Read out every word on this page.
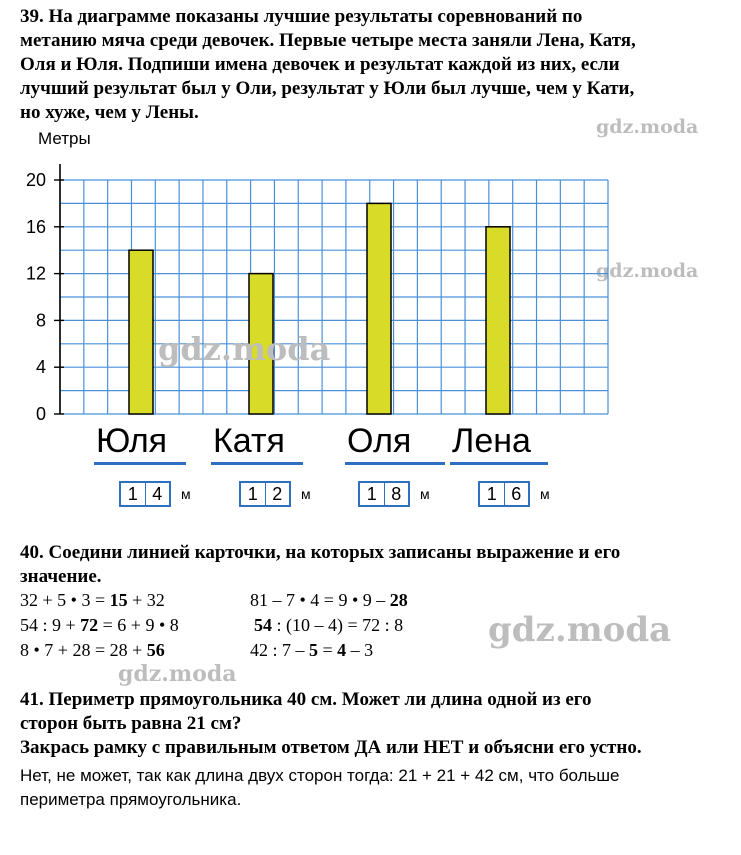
39. На диаграмме показаны лучшие результаты соревнований по
метанию мяча среди девочек. Первые четыре места заняли Лена, Катя,
Оля и Юля. Подпиши имена девочек и результат каждой из них, если
лучший результат был у Оли, результат у Юли был лучше, чем у Кати,
но хуже, чем у Лены.
gdz.moda
gdz.moda
Метры
20
16
12
8
4
0
gdz.moda
Юля Катя Оля Лена
1 4	м	1 2	м	1 8	м	1 6	м
40. Соедини линией карточки, на которых записаны выражение и его
значение.
32 + 5 • 3 = 15 + 32	81 – 7 • 4 = 9 • 9 – 28
54 : 9 + 72 = 6 + 9 • 8	54 : (10 – 4) = 72 : 8
8 • 7 + 28 = 28 + 56	42 : 7 – 5 = 4 – 3	gdz.moda
gdz.moda
41. Периметр прямоугольника 40 см. Может ли длина одной из его
сторон быть равна 21 см?
Закрась рамку с правильным ответом ДА или НЕТ и объясни его устно.
Нет, не может, так как длина двух сторон тогда: 21 + 21 + 42 см, что больше
периметра прямоугольника.
